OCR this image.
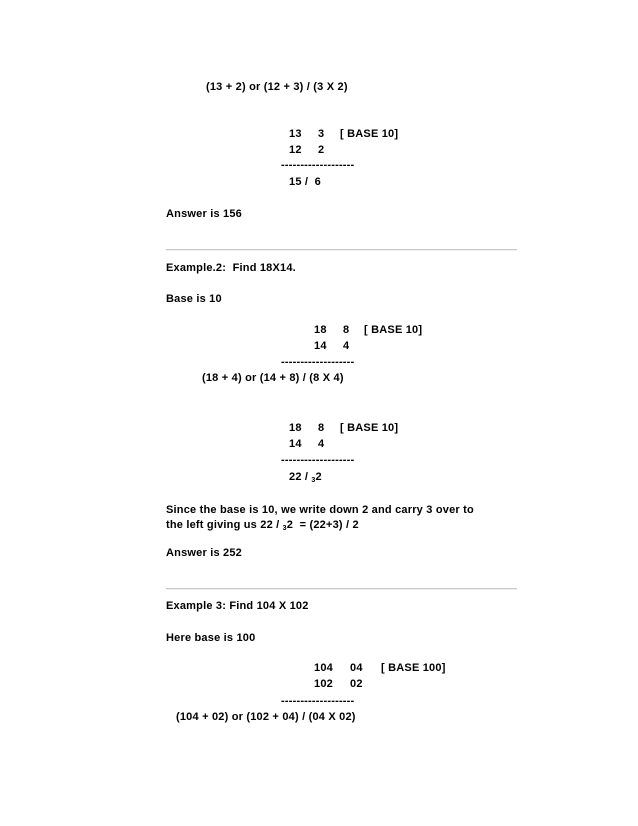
(13 + 2) or (12 + 3) / (3 X 2)
13 3 [ BASE 10]
12 2
-------------------
15 /  6
Answer is 156
Example.2:  Find 18X14.
Base is 10
18 8 [ BASE 10]
14 4
-------------------
(18 + 4) or (14 + 8) / (8 X 4)
18 8 [ BASE 10]
14 4
-------------------
22 / $_3$2
Since the base is 10, we write down 2 and carry 3 over to
the left giving us 22 / $_3$2  = (22+3) / 2
Answer is 252
Example 3: Find 104 X 102
Here base is 100
104 04 [ BASE 100]
102 02
-------------------
(104 + 02) or (102 + 04) / (04 X 02)
